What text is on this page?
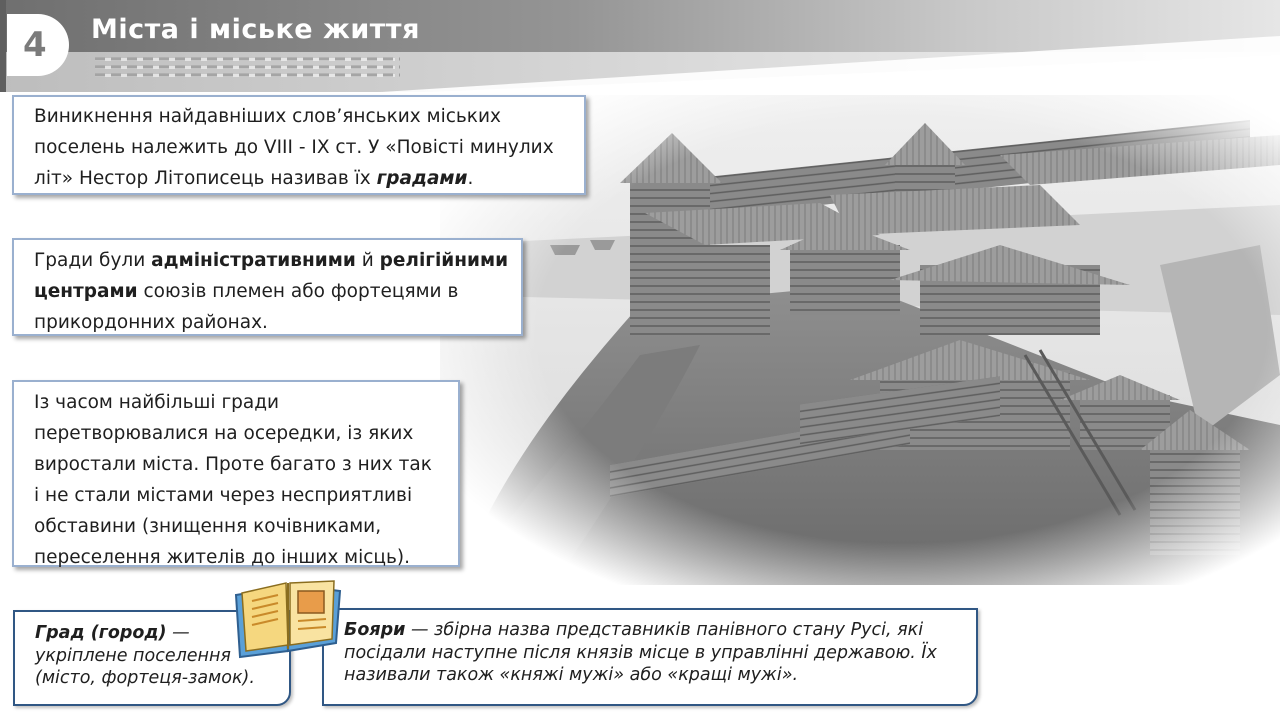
4	Міста і міське життя
Виникнення найдавніших слов’янських міських
поселень належить до VIII - IX ст. У «Повісті минулих
літ» Нестор Літописець називав їх градами.
Гради були адміністративними й релігійними
центрами союзів племен або фортецями в
прикордонних районах.
Із часом найбільші гради
перетворювалися на осередки, із яких
виростали міста. Проте багато з них так
і не стали містами через несприятливі
обставини (знищення кочівниками,
переселення жителів до інших місць).
Град (город) —
укріплене поселення
(місто, фортеця-замок).
Бояри — збірна назва представників панівного стану Русі, які
посідали наступне після князів місце в управлінні державою. Їх
називали також «княжі мужі» або «кращі мужі».
